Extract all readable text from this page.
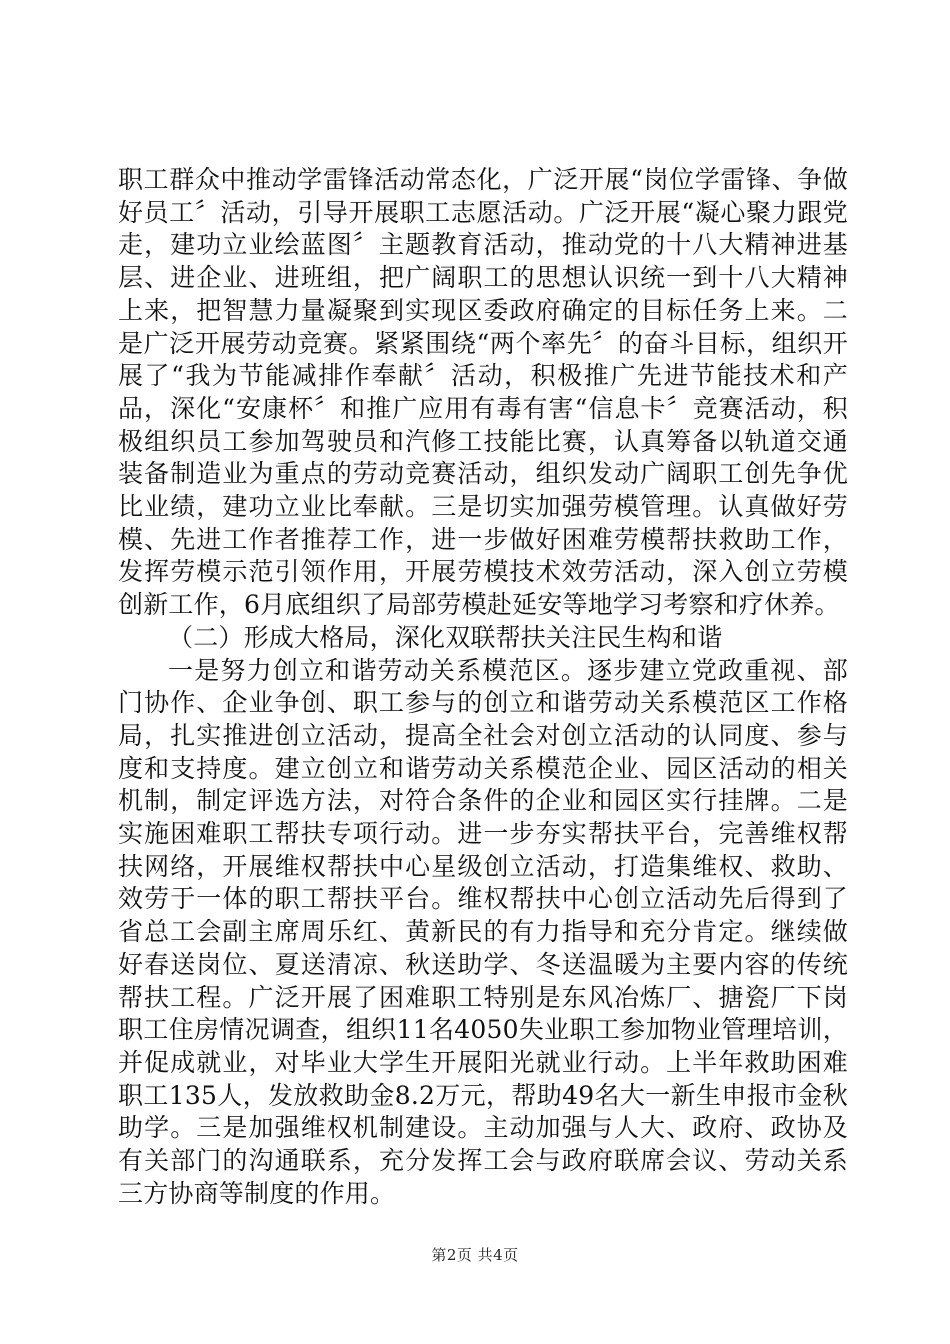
职工群众中推动学雷锋活动常态化，广泛开展“岗位学雷锋、争做好员工〞活动，引导开展职工志愿活动。广泛开展“凝心聚力跟党走，建功立业绘蓝图〞主题教育活动，推动党的十八大精神进基层、进企业、进班组，把广阔职工的思想认识统一到十八大精神上来，把智慧力量凝聚到实现区委政府确定的目标任务上来。二是广泛开展劳动竞赛。紧紧围绕“两个率先〞的奋斗目标，组织开展了“我为节能减排作奉献〞活动，积极推广先进节能技术和产品，深化“安康杯〞和推广应用有毒有害“信息卡〞竞赛活动，积极组织员工参加驾驶员和汽修工技能比赛，认真筹备以轨道交通装备制造业为重点的劳动竞赛活动，组织发动广阔职工创先争优比业绩，建功立业比奉献。三是切实加强劳模管理。认真做好劳模、先进工作者推荐工作，进一步做好困难劳模帮扶救助工作，发挥劳模示范引领作用，开展劳模技术效劳活动，深入创立劳模创新工作，6月底组织了局部劳模赴延安等地学习考察和疗休养。

（二）形成大格局，深化双联帮扶关注民生构和谐

一是努力创立和谐劳动关系模范区。逐步建立党政重视、部门协作、企业争创、职工参与的创立和谐劳动关系模范区工作格局，扎实推进创立活动，提高全社会对创立活动的认同度、参与度和支持度。建立创立和谐劳动关系模范企业、园区活动的相关机制，制定评选方法，对符合条件的企业和园区实行挂牌。二是实施困难职工帮扶专项行动。进一步夯实帮扶平台，完善维权帮扶网络，开展维权帮扶中心星级创立活动，打造集维权、救助、效劳于一体的职工帮扶平台。维权帮扶中心创立活动先后得到了省总工会副主席周乐红、黄新民的有力指导和充分肯定。继续做好春送岗位、夏送清凉、秋送助学、冬送温暖为主要内容的传统帮扶工程。广泛开展了困难职工特别是东风冶炼厂、搪瓷厂下岗职工住房情况调查，组织11名4050失业职工参加物业管理培训，并促成就业，对毕业大学生开展阳光就业行动。上半年救助困难职工135人，发放救助金8.2万元，帮助49名大一新生申报市金秋助学。三是加强维权机制建设。主动加强与人大、政府、政协及有关部门的沟通联系，充分发挥工会与政府联席会议、劳动关系三方协商等制度的作用。

第2页 共4页
